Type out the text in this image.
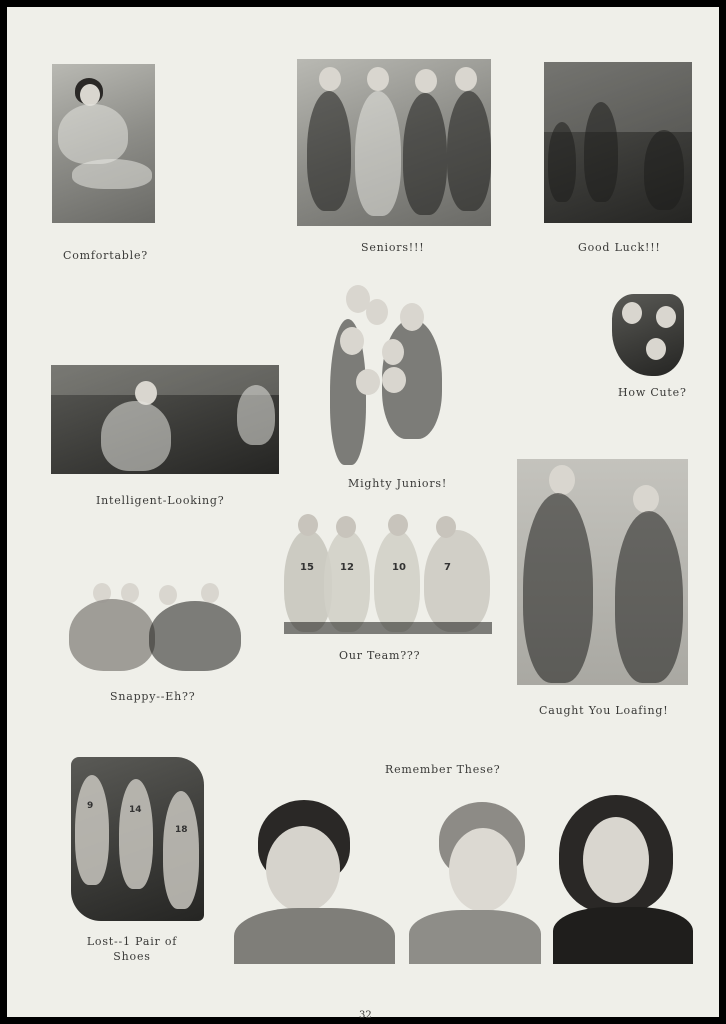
Comfortable?
Seniors!!!	Good Luck!!!
Mighty Juniors!
How Cute?
Intelligent-Looking?
15	12	10	7
Our Team???
Caught You Loafing!
Snappy--Eh??
Remember These?
9	14
18
Lost--1 Pair of
Shoes
32
